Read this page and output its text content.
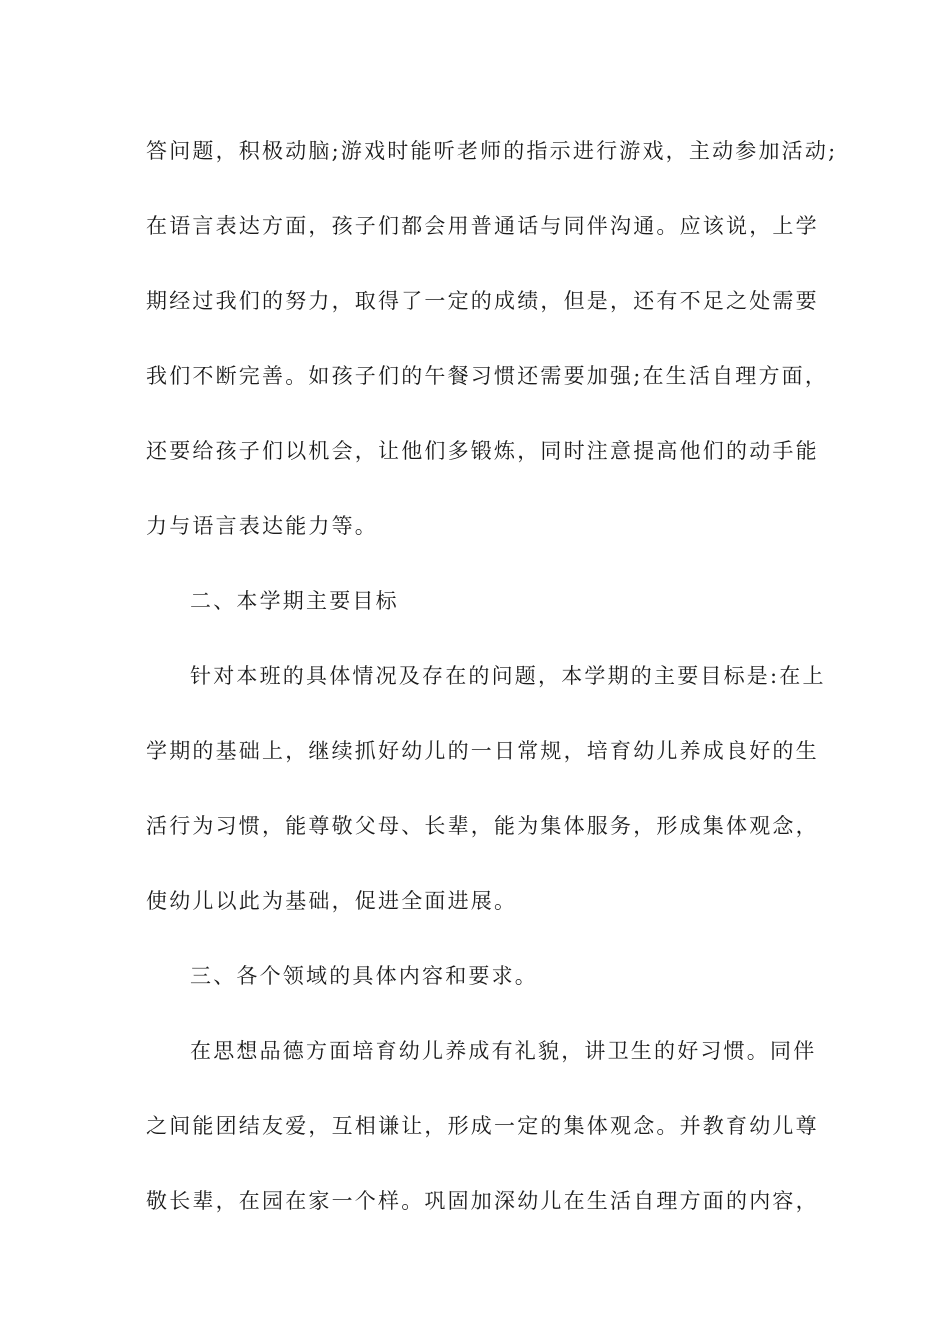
答问题，积极动脑;游戏时能听老师的指示进行游戏，主动参加活动;
在语言表达方面，孩子们都会用普通话与同伴沟通。应该说，上学
期经过我们的努力，取得了一定的成绩，但是，还有不足之处需要
我们不断完善。如孩子们的午餐习惯还需要加强;在生活自理方面，
还要给孩子们以机会，让他们多锻炼，同时注意提高他们的动手能
力与语言表达能力等。
二、本学期主要目标
针对本班的具体情况及存在的问题，本学期的主要目标是:在上
学期的基础上，继续抓好幼儿的一日常规，培育幼儿养成良好的生
活行为习惯，能尊敬父母、长辈，能为集体服务，形成集体观念，
使幼儿以此为基础，促进全面进展。
三、各个领域的具体内容和要求。
在思想品德方面培育幼儿养成有礼貌，讲卫生的好习惯。同伴
之间能团结友爱，互相谦让，形成一定的集体观念。并教育幼儿尊
敬长辈，在园在家一个样。巩固加深幼儿在生活自理方面的内容，
